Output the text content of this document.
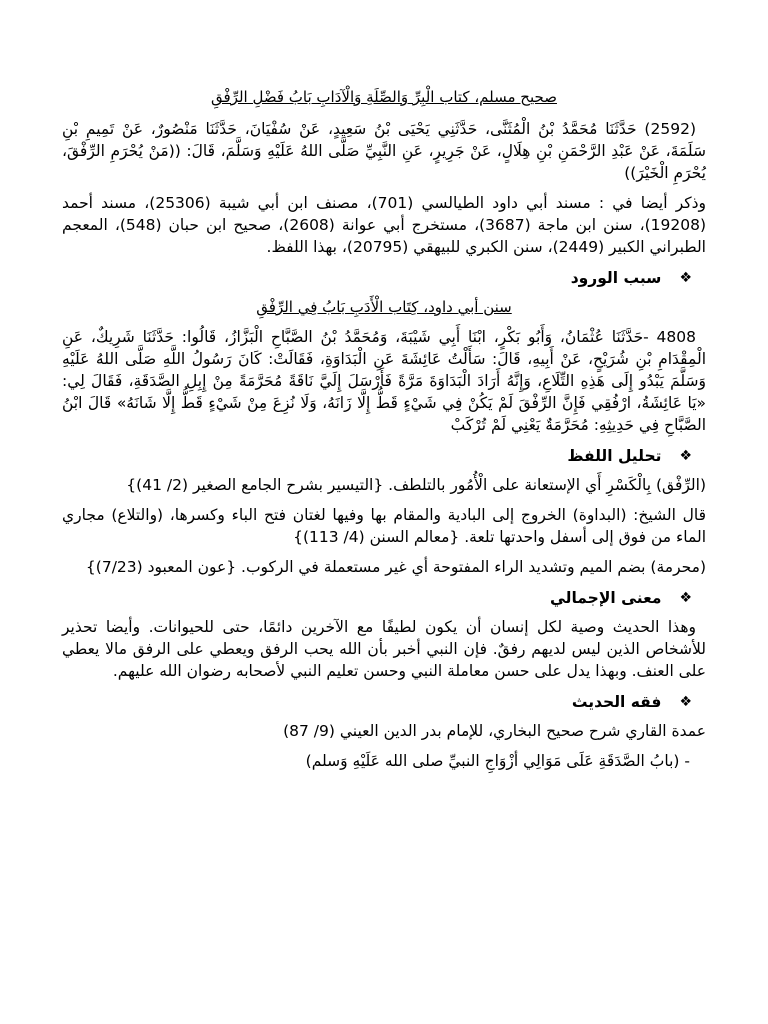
صحيح مسلم، كتاب الْبِرِّ وَالصِّلَةِ وَالْآدَابِ بَابُ فَضْلِ الرِّفْقِ

(2592) حَدَّثَنَا مُحَمَّدُ بْنُ الْمُثَنَّى، حَدَّثَنِي يَحْيَى بْنُ سَعِيدٍ، عَنْ سُفْيَانَ، حَدَّثَنَا مَنْصُورٌ، عَنْ تَمِيمِ بْنِ سَلَمَةَ، عَنْ عَبْدِ الرَّحْمَنِ بْنِ هِلَالٍ، عَنْ جَرِيرٍ، عَنِ النَّبِيِّ صَلَّى اللهُ عَلَيْهِ وَسَلَّمَ، قَالَ: ((مَنْ يُحْرَمِ الرِّفْقَ، يُحْرَمِ الْخَيْرَ))

وذكر أيضا في : مسند أبي داود الطيالسي (701)، مصنف ابن أبي شيبة (25306)، مسند أحمد (19208)، سنن ابن ماجة (3687)، مستخرج أبي عوانة (2608)، صحيح ابن حبان (548)، المعجم الطبراني الكبير (2449)، سنن الكبري للبيهقي (20795)، بهذا اللفظ.

❖
سبب الورود
سنن أبي داود، كِتَاب الْأَدَبِ بَابُ فِي الرِّفْقِ

4808 -حَدَّثَنَا عُثْمَانُ، وَأَبُو بَكْرٍ، ابْنَا أَبِي شَيْبَةَ، وَمُحَمَّدُ بْنُ الصَّبَّاحِ الْبَزَّازُ، قَالُوا: حَدَّثَنَا شَرِيكٌ، عَنِ الْمِقْدَامِ بْنِ شُرَيْحٍ، عَنْ أَبِيهِ، قَالَ: سَأَلْتُ عَائِشَةَ عَنِ الْبَدَاوَةِ، فَقَالَتْ: كَانَ رَسُولُ اللَّهِ صَلَّى اللهُ عَلَيْهِ وَسَلَّمَ يَبْدُو إِلَى هَذِهِ التِّلَاعِ، وَإِنَّهُ أَرَادَ الْبَدَاوَةَ مَرَّةً فَأَرْسَلَ إِلَيَّ نَاقَةً مُحَرَّمَةً مِنْ إِبِلِ الصَّدَقَةِ، فَقَالَ لِي: «يَا عَائِشَةُ، ارْفُقِي فَإِنَّ الرِّفْقَ لَمْ يَكُنْ فِي شَيْءٍ قَطُّ إِلَّا زَانَهُ، وَلَا نُزِعَ مِنْ شَيْءٍ قَطُّ إِلَّا شَانَهُ» قَالَ ابْنُ الصَّبَّاحِ فِي حَدِيثِهِ: مُحَرَّمَةٌ يَعْنِي لَمْ تُرْكَبْ

❖
تحليل اللفظ

(الرِّفْق) بِالْكَسْرِ أَي الإستعانة على الْأُمُور بالتلطف. {التيسير بشرح الجامع الصغير (2/ 41)}

قال الشيخ: (البداوة) الخروج إلى البادية والمقام بها وفيها لغتان فتح الباء وكسرها، (والتلاع) مجاري الماء من فوق إلى أسفل واحدتها تلعة. {معالم السنن (4/ 113)}

(محرمة) بضم الميم وتشديد الراء المفتوحة أي غير مستعملة في الركوب. {عون المعبود (7/23)}

❖
معنى الإجمالي

وهذا الحديث وصية لكل إنسان أن يكون لطيفًا مع الآخرين دائمًا، حتى للحيوانات. وأيضا تحذير للأشخاص الذين ليس لديهم رفقٌ. فإن النبي أخبر بأن الله يحب الرفق ويعطي على الرفق مالا يعطي على العنف. وبهذا يدل على حسن معاملة النبي وحسن تعليم النبي لأصحابه رضوان الله عليهم.

❖
فقه الحديث
عمدة القاري شرح صحيح البخاري، للإمام بدر الدين العيني (9/ 87)
- (بابُ الصَّدَقَةِ عَلَى مَوَالِي أزْوَاجِ النبيِّ صلى الله عَلَيْهِ وَسلم)
